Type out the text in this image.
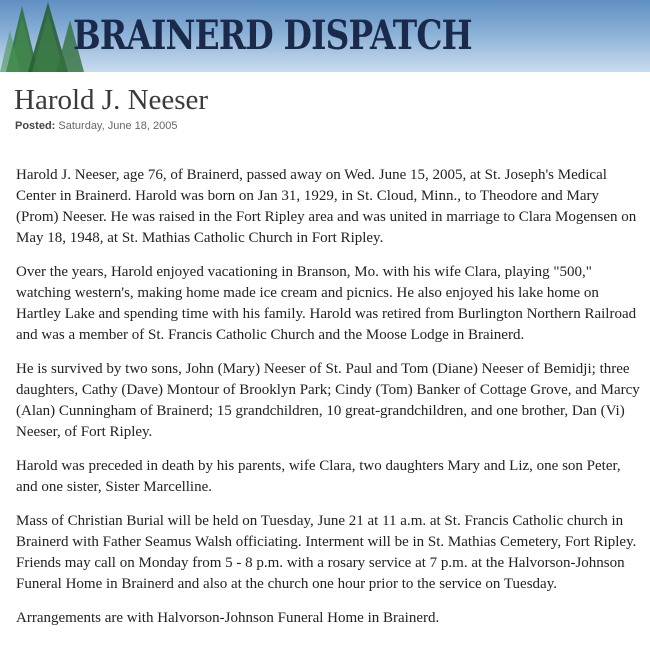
BRAINERD DISPATCH
Harold J. Neeser
Posted: Saturday, June 18, 2005

Harold J. Neeser, age 76, of Brainerd, passed away on Wed. June 15, 2005, at St. Joseph's Medical Center in Brainerd. Harold was born on Jan 31, 1929, in St. Cloud, Minn., to Theodore and Mary (Prom) Neeser. He was raised in the Fort Ripley area and was united in marriage to Clara Mogensen on May 18, 1948, at St. Mathias Catholic Church in Fort Ripley.

Over the years, Harold enjoyed vacationing in Branson, Mo. with his wife Clara, playing "500," watching western's, making home made ice cream and picnics. He also enjoyed his lake home on Hartley Lake and spending time with his family. Harold was retired from Burlington Northern Railroad and was a member of St. Francis Catholic Church and the Moose Lodge in Brainerd.

He is survived by two sons, John (Mary) Neeser of St. Paul and Tom (Diane) Neeser of Bemidji; three daughters, Cathy (Dave) Montour of Brooklyn Park; Cindy (Tom) Banker of Cottage Grove, and Marcy (Alan) Cunningham of Brainerd; 15 grandchildren, 10 great-grandchildren, and one brother, Dan (Vi) Neeser, of Fort Ripley.

Harold was preceded in death by his parents, wife Clara, two daughters Mary and Liz, one son Peter, and one sister, Sister Marcelline.

Mass of Christian Burial will be held on Tuesday, June 21 at 11 a.m. at St. Francis Catholic church in Brainerd with Father Seamus Walsh officiating. Interment will be in St. Mathias Cemetery, Fort Ripley. Friends may call on Monday from 5 - 8 p.m. with a rosary service at 7 p.m. at the Halvorson-Johnson Funeral Home in Brainerd and also at the church one hour prior to the service on Tuesday.

Arrangements are with Halvorson-Johnson Funeral Home in Brainerd.
